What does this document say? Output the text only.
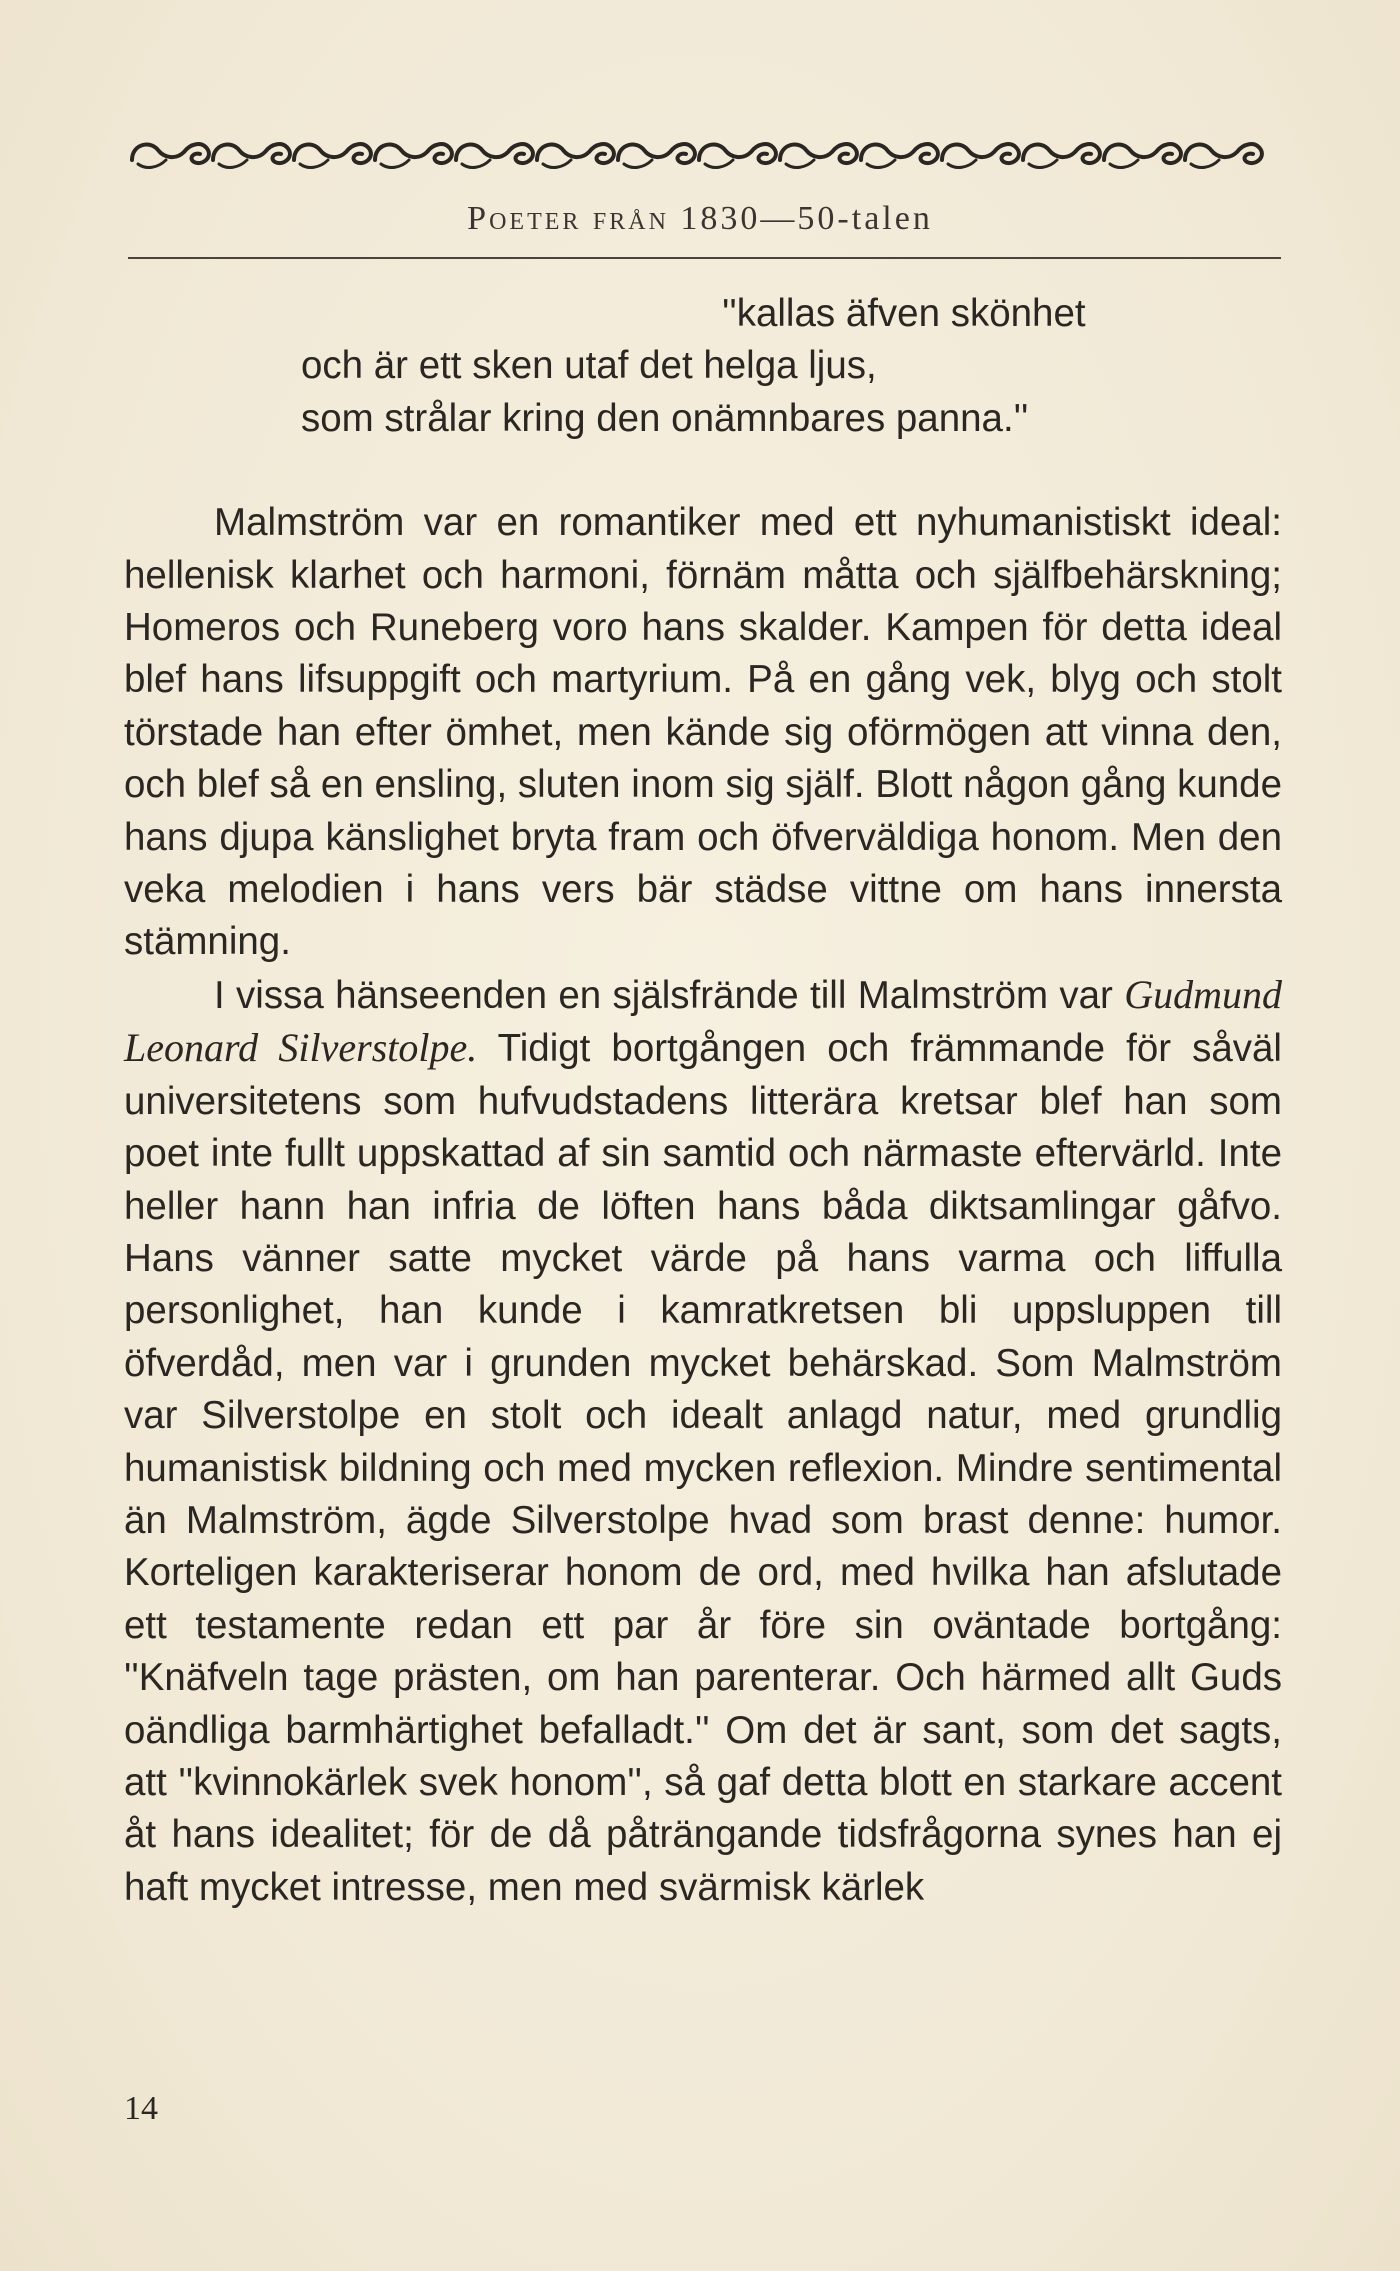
Poeter från 1830—50-talen

''kallas äfven skönhet
och är ett sken utaf det helga ljus,
som strålar kring den onämnbares panna.''

Malmström var en romantiker med ett nyhumanistiskt ideal: hellenisk klarhet och harmoni, förnäm måtta och själfbehärskning; Homeros och Runeberg voro hans skalder. Kampen för detta ideal blef hans lifsuppgift och martyrium. På en gång vek, blyg och stolt törstade han efter ömhet, men kände sig oförmögen att vinna den, och blef så en ensling, sluten inom sig själf. Blott någon gång kunde hans djupa känslighet bryta fram och öfverväldiga honom. Men den veka melodien i hans vers bär städse vittne om hans innersta stämning.

I vissa hänseenden en själsfrände till Malmström var Gudmund Leonard Silverstolpe. Tidigt bortgången och främmande för såväl universitetens som hufvudstadens litterära kretsar blef han som poet inte fullt uppskattad af sin samtid och närmaste eftervärld. Inte heller hann han infria de löften hans båda diktsamlingar gåfvo. Hans vänner satte mycket värde på hans varma och liffulla personlighet, han kunde i kamratkretsen bli uppsluppen till öfverdåd, men var i grunden mycket behärskad. Som Malmström var Silverstolpe en stolt och idealt anlagd natur, med grundlig humanistisk bildning och med mycken reflexion. Mindre sentimental än Malmström, ägde Silverstolpe hvad som brast denne: humor. Korteligen karakteriserar honom de ord, med hvilka han afslutade ett testamente redan ett par år före sin oväntade bortgång: ''Knäfveln tage prästen, om han parenterar. Och härmed allt Guds oändliga barmhärtighet befalladt.'' Om det är sant, som det sagts, att ''kvinnokärlek svek honom'', så gaf detta blott en starkare accent åt hans idealitet; för de då påträngande tidsfrågorna synes han ej haft mycket intresse, men med svärmisk kärlek

14
